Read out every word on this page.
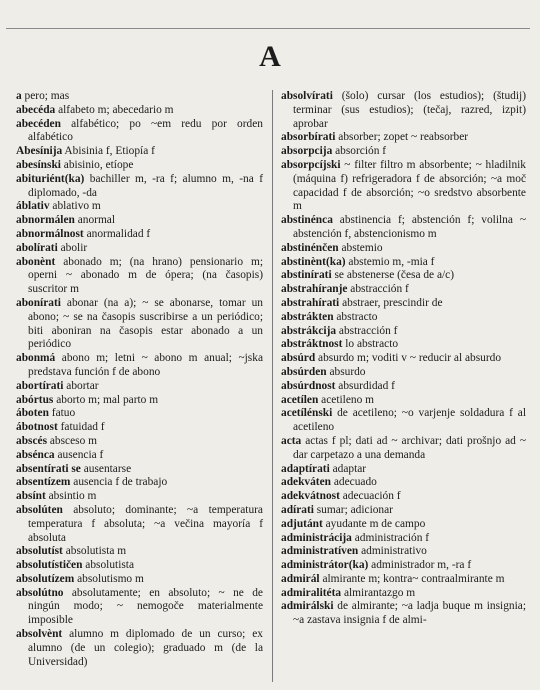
A

a pero; mas

abecéda alfabeto m; abecedario m

abecéden alfabético; po ~em redu por orden alfabético

Abesínija Abisinia f, Etiopía f

abesínski abisinio, etíope

abituriént(ka) bachiller m, -ra f; alumno m, -na f diplomado, -da

áblativ ablativo m

abnormálen anormal

abnormálnost anormalidad f

abolírati abolir

abonènt abonado m; (na hrano) pensionario m; operni ~ abonado m de ópera; (na časopis) suscritor m

abonírati abonar (na a); ~ se abonarse, tomar un abono; ~ se na časopis suscribirse a un periódico; biti aboniran na časopis estar abonado a un periódico

abonmá abono m; letni ~ abono m anual; ~jska predstava función f de abono

abortírati abortar

abórtus aborto m; mal parto m

áboten fatuo

ábotnost fatuidad f

abscés absceso m

absénca ausencia f

absentírati se ausentarse

absentízem ausencia f de trabajo

absínt absintio m

absolúten absoluto; dominante; ~a temperatura temperatura f absoluta; ~a večina mayoría f absoluta

absolutíst absolutista m

absolutístičen absolutista

absolutízem absolutismo m

absolútno absolutamente; en absoluto; ~ ne de ningún modo; ~ nemogoče materialmente imposible

absolvènt alumno m diplomado de un curso; ex alumno (de un colegio); graduado m (de la Universidad)

absolvírati (šolo) cursar (los estudios); (študij) terminar (sus estudios); (tečaj, razred, izpit) aprobar

absorbírati absorber; zopet ~ reabsorber

absorpcija absorción f

absorpcíjski ~ filter filtro m absorbente; ~ hladilnik (máquina f) refrigeradora f de absorción; ~a moč capacidad f de absorción; ~o sredstvo absorbente m

abstinénca abstinencia f; abstención f; volilna ~ abstención f, abstencionismo m

abstinénčen abstemio

abstinènt(ka) abstemio m, -mia f

abstinírati se abstenerse (česa de a/c)

abstrahíranje abstracción f

abstrahírati abstraer, prescindir de

abstrákten abstracto

abstrákcija abstracción f

abstráktnost lo abstracto

absúrd absurdo m; voditi v ~ reducir al absurdo

absúrden absurdo

absúrdnost absurdidad f

acetílen acetileno m

acetílénski de acetileno; ~o varjenje soldadura f al acetileno

acta actas f pl; dati ad ~ archivar; dati prošnjo ad ~ dar carpetazo a una demanda

adaptírati adaptar

adekváten adecuado

adekvátnost adecuación f

adírati sumar; adicionar

adjutánt ayudante m de campo

administrácija administración f

administratíven administrativo

administrátor(ka) administrador m, -ra f

admirál almirante m; kontra~ contraalmirante m

admiralitéta almirantazgo m

admirálski de almirante; ~a ladja buque m insignia; ~a zastava insignia f de almi-
